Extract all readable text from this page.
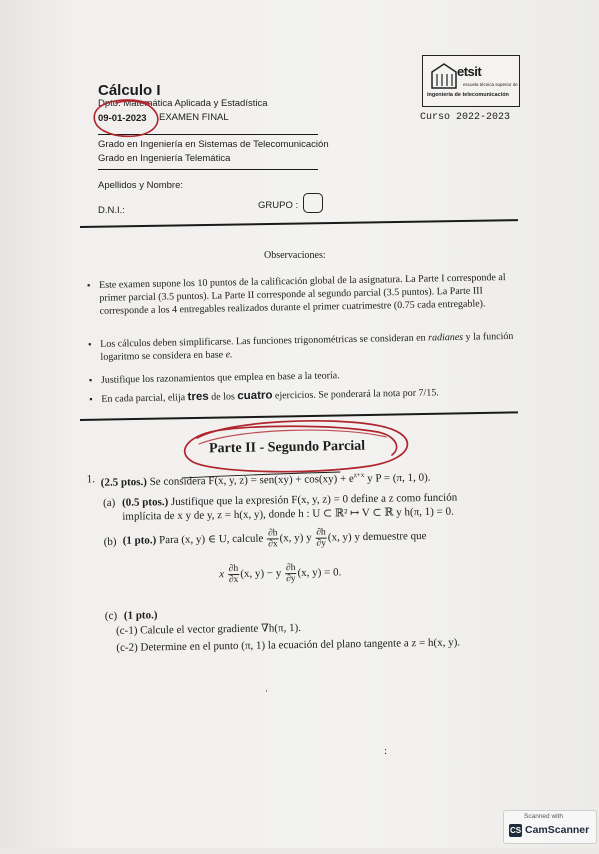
Cálculo I
Dpto. Matemática Aplicada y Estadística
09-01-2023 EXAMEN FINAL	Curso 2022-2023
etsit
escuela técnica superior de
ingeniería de telecomunicación
Grado en Ingeniería en Sistemas de Telecomunicación
Grado en Ingeniería Telemática
Apellidos y Nombre:
D.N.I.:	GRUPO :
Observaciones:
▪ Este examen supone los 10 puntos de la calificación global de la asignatura. La Parte I corresponde al primer parcial (3.5 puntos). La Parte II corresponde al segundo parcial (3.5 puntos). La Parte III corresponde a los 4 entregables realizados durante el primer cuatrimestre (0.75 cada entregable).
▪ Los cálculos deben simplificarse. Las funciones trigonométricas se consideran en radianes y la función logaritmo se considera en base e.
▪ Justifique los razonamientos que emplea en base a la teoría.
▪ En cada parcial, elija tres de los cuatro ejercicios. Se ponderará la nota por 7/15.
Parte II - Segundo Parcial
1. (2.5 ptos.) Se considera F(x, y, $z) = sen(xy) + \cos(xy) + e^{z+x}$ y P = (π, 1, 0).
(a) (0.5 ptos.) Justifique que la expresión F(x, y, z) = 0 define a z como función
implícita de x y de y, z = h(x, y), donde h : U ⊂ ℝ² ↦ V ⊂ ℝ y h(π, 1) = 0.
(b) (1 pto.) Para (x, y) ∈ U, calcule $\frac{\partial h}{\partial x} (x$, y) y $\frac{\partial h}{\partial y} (x$, y) y demuestre que
x $\frac{\partial h}{\partial x} (x$, y) − y $\frac{\partial h}{\partial y} (x$, y) = 0.
(c) (1 pto.)
(c-1) Calcule el vector gradiente ∇h(π, 1).
(c-2) Determine en el punto (π, 1) la ecuación del plano tangente a z = h(x, y).
·
:
Scanned with
CS CamScanner
